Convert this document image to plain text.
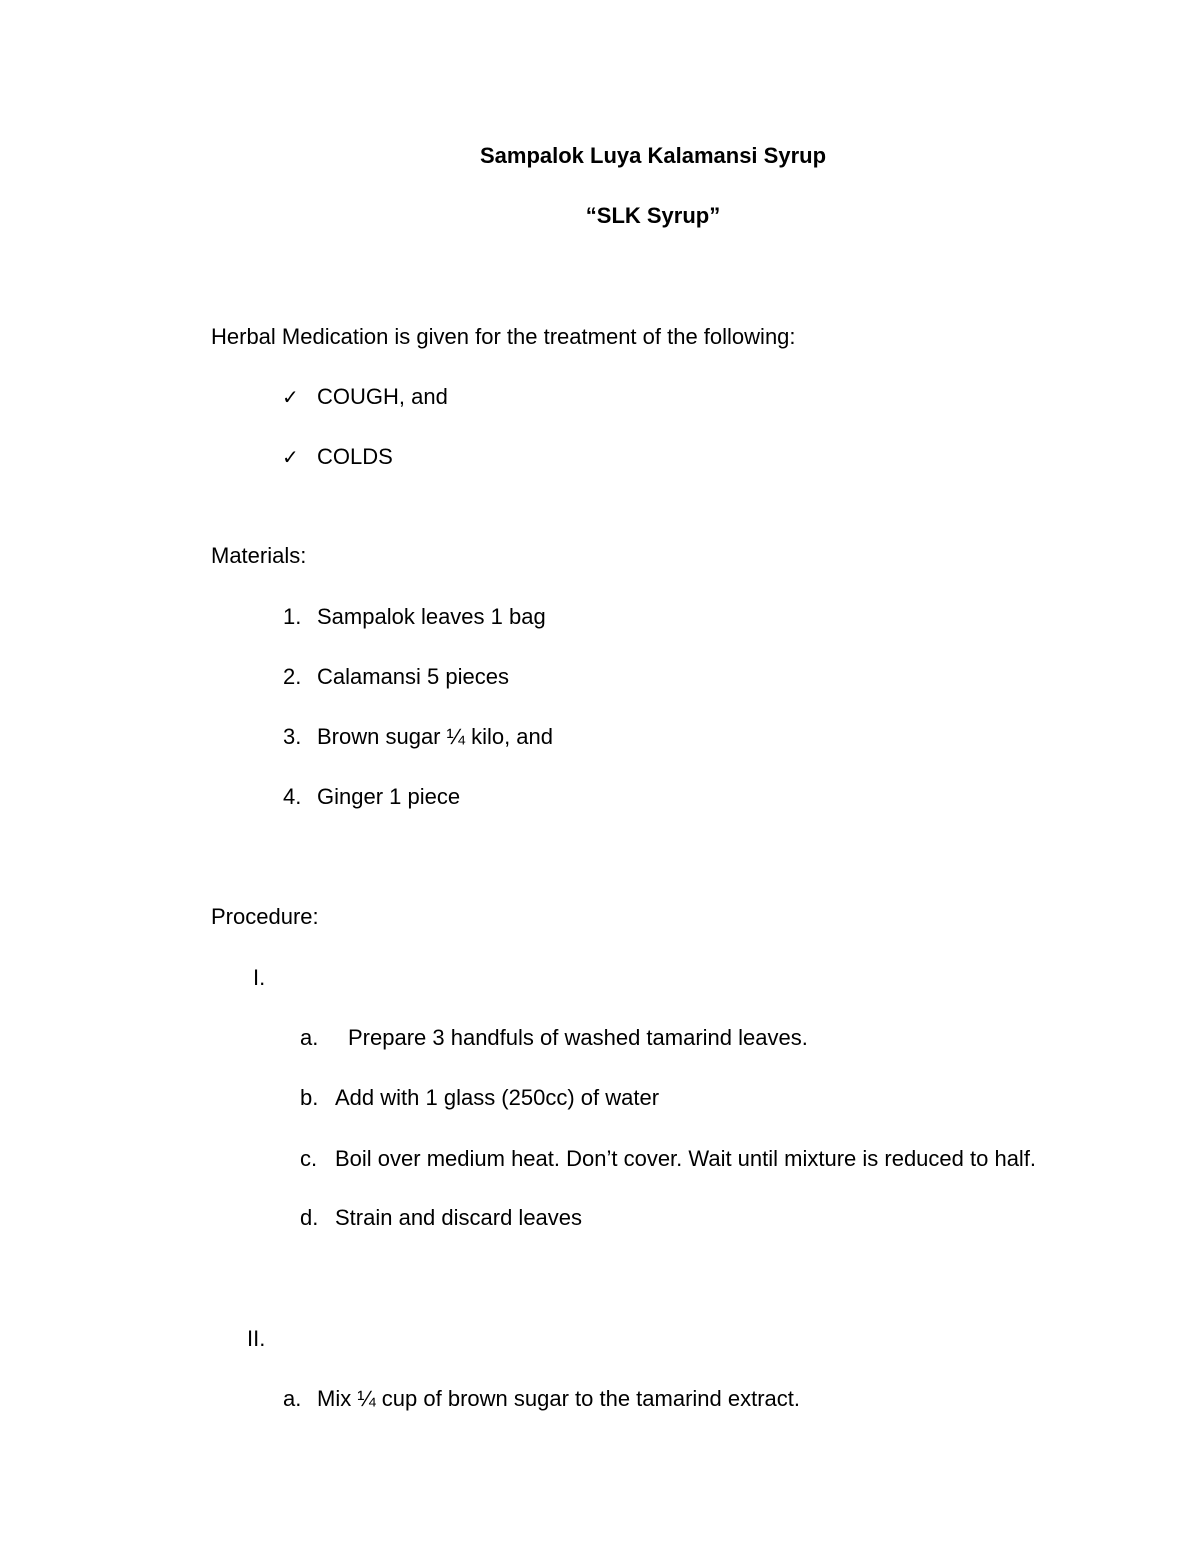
Sampalok Luya Kalamansi Syrup
“SLK Syrup”
Herbal Medication is given for the treatment of the following:
✓ COUGH, and
✓ COLDS
Materials:
1. Sampalok leaves 1 bag
2. Calamansi 5 pieces
3. Brown sugar ¼ kilo, and
4. Ginger 1 piece
Procedure:
I.
a. Prepare 3 handfuls of washed tamarind leaves.
b. Add with 1 glass (250cc) of water
c. Boil over medium heat. Don’t cover. Wait until mixture is reduced to half.
d. Strain and discard leaves
II.
a. Mix ¼ cup of brown sugar to the tamarind extract.
